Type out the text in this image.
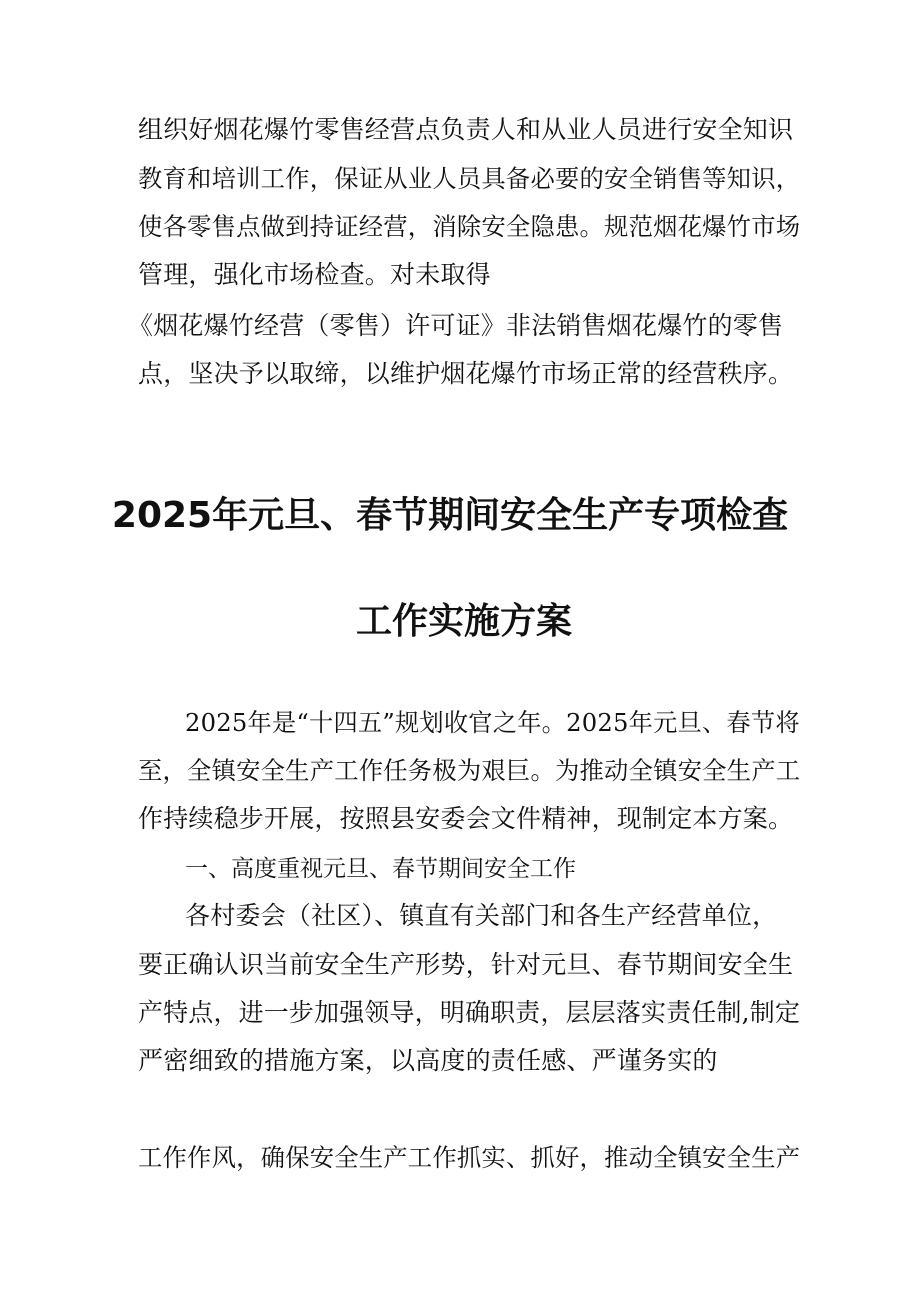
组织好烟花爆竹零售经营点负责人和从业人员进行安全知识
教育和培训工作，保证从业人员具备必要的安全销售等知识，
使各零售点做到持证经营，消除安全隐患。规范烟花爆竹市场
管理，强化市场检查。对未取得
《烟花爆竹经营（零售）许可证》非法销售烟花爆竹的零售
点，坚决予以取缔，以维护烟花爆竹市场正常的经营秩序。
2025年元旦、春节期间安全生产专项检查
工作实施方案
2025年是“十四五”规划收官之年。2025年元旦、春节将
至，全镇安全生产工作任务极为艰巨。为推动全镇安全生产工
作持续稳步开展，按照县安委会文件精神，现制定本方案。
一、高度重视元旦、春节期间安全工作
各村委会（社区）、镇直有关部门和各生产经营单位，
要正确认识当前安全生产形势，针对元旦、春节期间安全生
产特点，进一步加强领导，明确职责，层层落实责任制,制定
严密细致的措施方案，以高度的责任感、严谨务实的
工作作风，确保安全生产工作抓实、抓好，推动全镇安全生产
